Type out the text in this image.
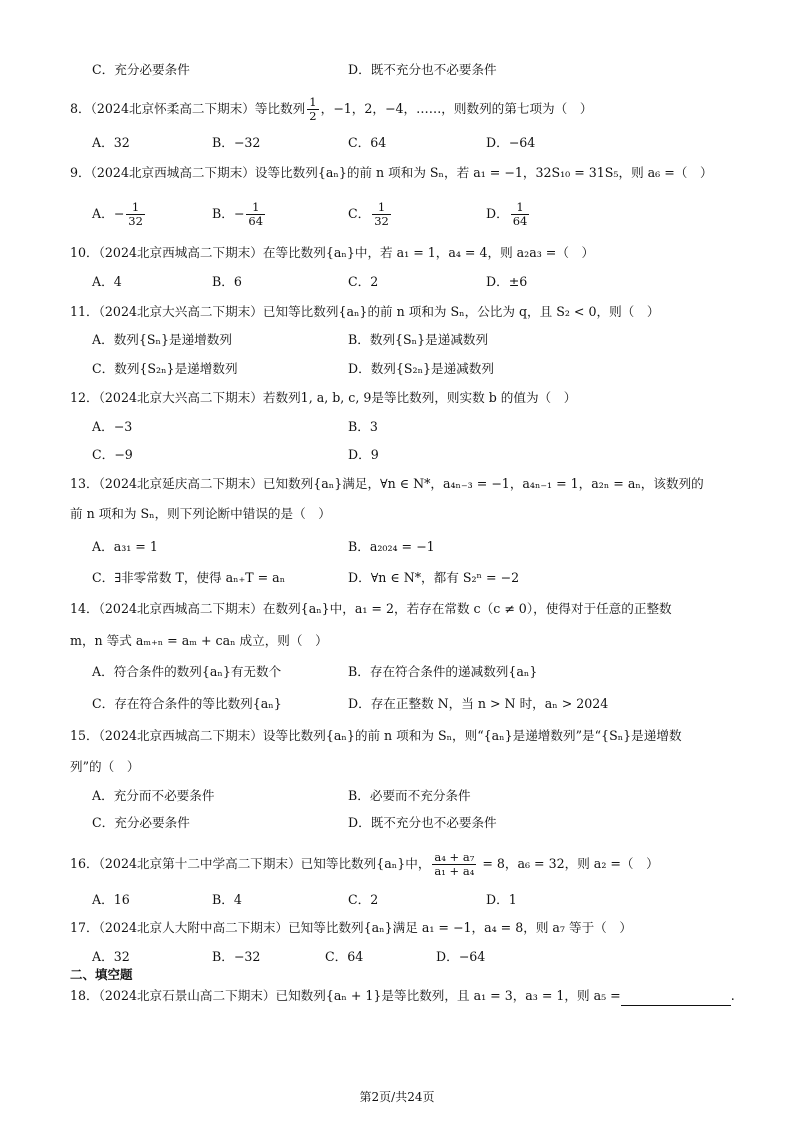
C．充分必要条件	D．既不充分也不必要条件
8．（2024北京怀柔高二下期末）等比数列 $\frac{1}{2}$ ，−1，2，−4，……，则数列的第七项为（　）
A．32	B．−32	C．64	D．−64
9．（2024北京西城高二下期末）设等比数列{aₙ}的前 n 项和为 Sₙ，若 a₁ = −1，32S₁₀ = 31S₅，则 a₆ =（　）
A．− $\frac{1}{32}$	B．− $\frac{1}{64}$	C． $\frac{1}{32}$	D． $\frac{1}{64}$
10．（2024北京西城高二下期末）在等比数列{aₙ}中，若 a₁ = 1，a₄ = 4，则 a₂a₃ =（　）
A．4	B．6	C．2	D．±6
11．（2024北京大兴高二下期末）已知等比数列{aₙ}的前 n 项和为 Sₙ，公比为 q，且 S₂ < 0，则（　）
A．数列{Sₙ}是递增数列	B．数列{Sₙ}是递减数列
C．数列{S₂ₙ}是递增数列	D．数列{S₂ₙ}是递减数列
12．（2024北京大兴高二下期末）若数列1, a, b, c, 9是等比数列，则实数 b 的值为（　）
A．−3	B．3
C．−9	D．9
13．（2024北京延庆高二下期末）已知数列{aₙ}满足，∀n ∈ N*，a₄ₙ₋₃ = −1，a₄ₙ₋₁ = 1，a₂ₙ = aₙ，该数列的
前 n 项和为 Sₙ，则下列论断中错误的是（　）
A．a₃₁ = 1	B．a₂₀₂₄ = −1
C．∃非零常数 T，使得 aₙ₊T = aₙ	D．∀n ∈ N*，都有 S₂ⁿ = −2
14．（2024北京西城高二下期末）在数列{aₙ}中，a₁ = 2，若存在常数 c（c ≠ 0），使得对于任意的正整数
m，n 等式 aₘ₊ₙ = aₘ + caₙ 成立，则（　）
A．符合条件的数列{aₙ}有无数个	B．存在符合条件的递减数列{aₙ}
C．存在符合条件的等比数列{aₙ}	D．存在正整数 N，当 n > N 时，aₙ > 2024
15．（2024北京西城高二下期末）设等比数列{aₙ}的前 n 项和为 Sₙ，则“{aₙ}是递增数列”是“{Sₙ}是递增数
列”的（　）
A．充分而不必要条件	B．必要而不充分条件
C．充分必要条件	D．既不充分也不必要条件
16．（2024北京第十二中学高二下期末）已知等比数列{aₙ}中， $\frac{\text{a₄ + a₇}}{\text{a₁ + a₄}} = 8$，a₆ = 32，则 a₂ =（　）
A．16	B．4	C．2	D．1
17．（2024北京人大附中高二下期末）已知等比数列{aₙ}满足 a₁ = −1，a₄ = 8，则 a₇ 等于（　）
A．32	B．−32	C．64	D．−64
二、填空题
18．（2024北京石景山高二下期末）已知数列{aₙ + 1}是等比数列，且 a₁ = 3，a₃ = 1，则 a₅ =	.
第2页/共24页
